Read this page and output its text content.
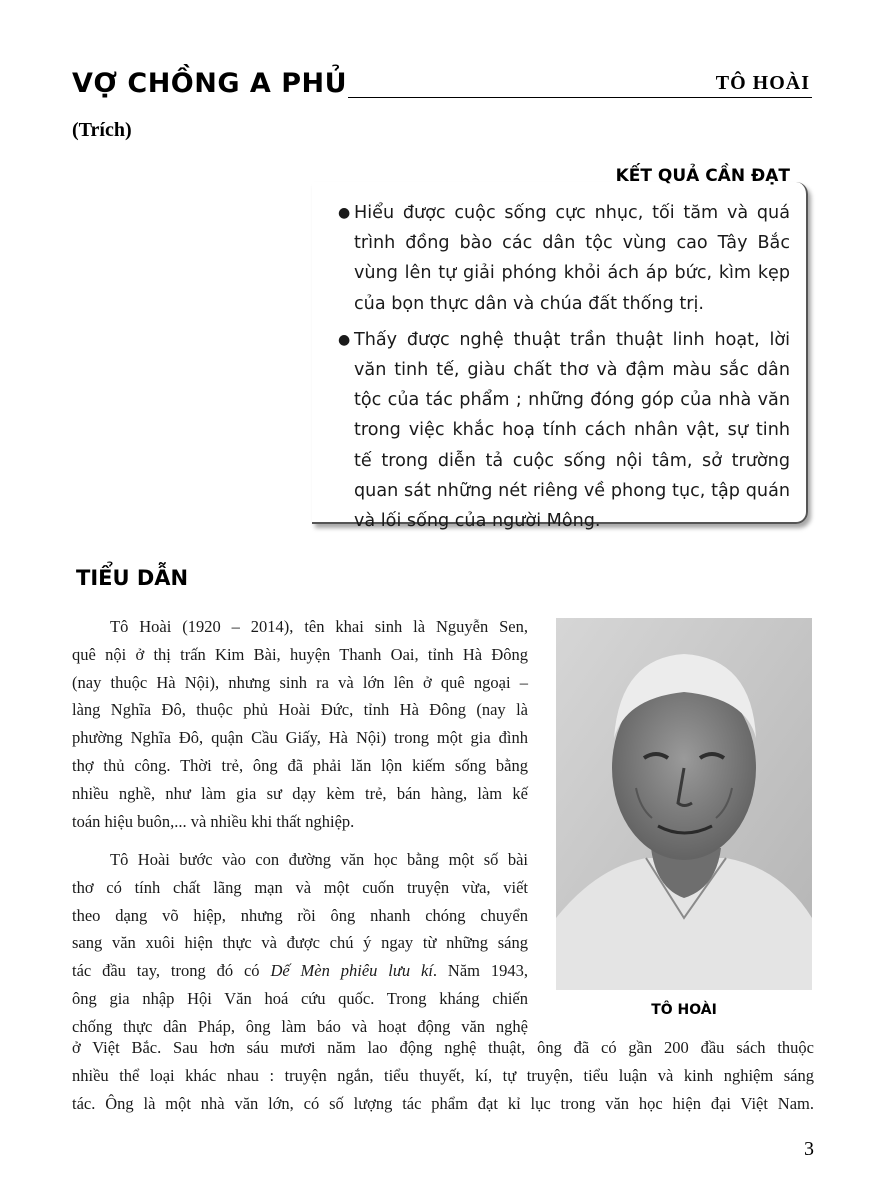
VỢ CHỒNG A PHỦ	TÔ HOÀI
(Trích)
KẾT QUẢ CẦN ĐẠT
● Hiểu được cuộc sống cực nhục, tối tăm và quá trình đồng bào các dân tộc vùng cao Tây Bắc vùng lên tự giải phóng khỏi ách áp bức, kìm kẹp của bọn thực dân và chúa đất thống trị.
● Thấy được nghệ thuật trần thuật linh hoạt, lời văn tinh tế, giàu chất thơ và đậm màu sắc dân tộc của tác phẩm ; những đóng góp của nhà văn trong việc khắc hoạ tính cách nhân vật, sự tinh tế trong diễn tả cuộc sống nội tâm, sở trường quan sát những nét riêng về phong tục, tập quán và lối sống của người Mông.
TIỂU DẪN
Tô Hoài (1920 – 2014), tên khai sinh là Nguyễn Sen,
quê nội ở thị trấn Kim Bài, huyện Thanh Oai, tỉnh Hà Đông
(nay thuộc Hà Nội), nhưng sinh ra và lớn lên ở quê ngoại –
làng Nghĩa Đô, thuộc phủ Hoài Đức, tỉnh Hà Đông (nay là
phường Nghĩa Đô, quận Cầu Giấy, Hà Nội) trong một gia đình
thợ thủ công. Thời trẻ, ông đã phải lăn lộn kiếm sống bằng
nhiều nghề, như làm gia sư dạy kèm trẻ, bán hàng, làm kế
toán hiệu buôn,... và nhiều khi thất nghiệp.
Tô Hoài bước vào con đường văn học bằng một số bài
thơ có tính chất lãng mạn và một cuốn truyện vừa, viết
theo dạng võ hiệp, nhưng rồi ông nhanh chóng chuyển
sang văn xuôi hiện thực và được chú ý ngay từ những sáng
tác đầu tay, trong đó có Dế Mèn phiêu lưu kí. Năm 1943,
ông gia nhập Hội Văn hoá cứu quốc. Trong kháng chiến
chống thực dân Pháp, ông làm báo và hoạt động văn nghệ
ở Việt Bắc. Sau hơn sáu mươi năm lao động nghệ thuật, ông đã có gần 200 đầu sách thuộc
nhiều thể loại khác nhau : truyện ngắn, tiểu thuyết, kí, tự truyện, tiểu luận và kinh nghiệm sáng
tác. Ông là một nhà văn lớn, có số lượng tác phẩm đạt kỉ lục trong văn học hiện đại Việt Nam.
TÔ HOÀI
3
